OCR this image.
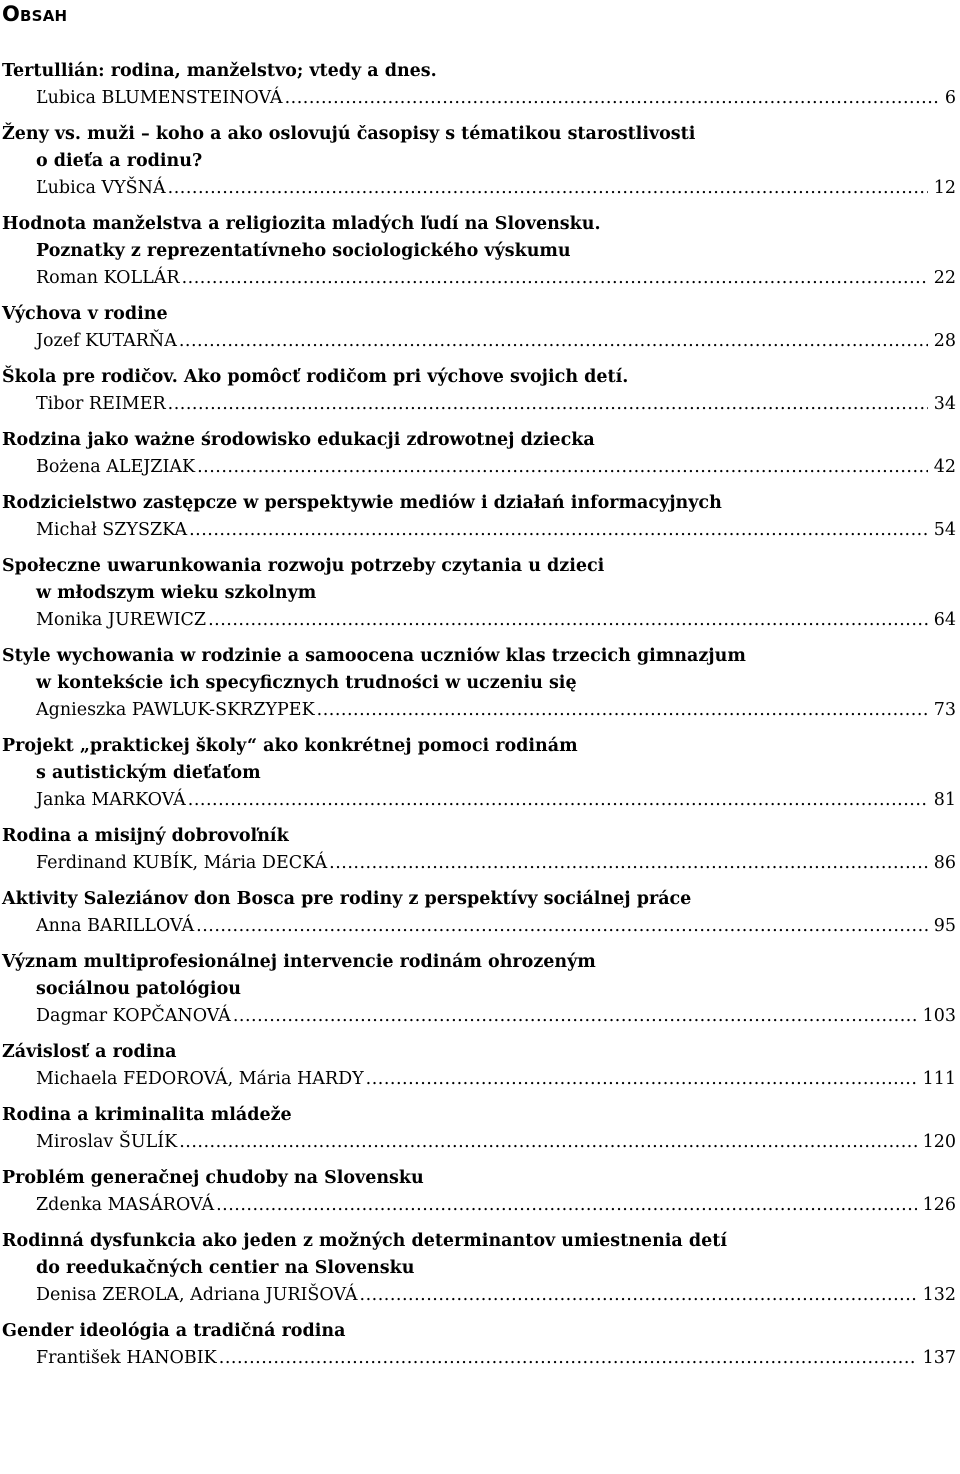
Obsah
Tertullián: rodina, manželstvo; vtedy a dnes.
Ľubica BLUMENSTEINOVÁ .....	6
Ženy vs. muži – koho a ako oslovujú časopisy s tématikou starostlivosti
o dieťa a rodinu?
Ľubica VYŠNÁ .....	12
Hodnota manželstva a religiozita mladých ľudí na Slovensku.
Poznatky z reprezentatívneho sociologického výskumu
Roman KOLLÁR .....	22
Výchova v rodine
Jozef KUTARŇA .....	28
Škola pre rodičov. Ako pomôcť rodičom pri výchove svojich detí.
Tibor REIMER .....	34
Rodzina jako ważne środowisko edukacji zdrowotnej dziecka
Bożena ALEJZIAK .....	42
Rodzicielstwo zastępcze w perspektywie mediów i działań informacyjnych
Michał SZYSZKA .....	54
Społeczne uwarunkowania rozwoju potrzeby czytania u dzieci
w młodszym wieku szkolnym
Monika JUREWICZ .....	64
Style wychowania w rodzinie a samoocena uczniów klas trzecich gimnazjum
w kontekście ich specyficznych trudności w uczeniu się
Agnieszka PAWLUK-SKRZYPEK .....	73
Projekt „praktickej školy“ ako konkrétnej pomoci rodinám
s autistickým dieťaťom
Janka MARKOVÁ .....	81
Rodina a misijný dobrovoľník
Ferdinand KUBÍK, Mária DECKÁ .....	86
Aktivity Saleziánov don Bosca pre rodiny z perspektívy sociálnej práce
Anna BARILLOVÁ .....	95
Význam multiprofesionálnej intervencie rodinám ohrozeným
sociálnou patológiou
Dagmar KOPČANOVÁ .....	103
Závislosť a rodina
Michaela FEDOROVÁ, Mária HARDY .....	111
Rodina a kriminalita mládeže
Miroslav ŠULÍK .....	120
Problém generačnej chudoby na Slovensku
Zdenka MASÁROVÁ .....	126
Rodinná dysfunkcia ako jeden z možných determinantov umiestnenia detí
do reedukačných centier na Slovensku
Denisa ZEROLA, Adriana JURIŠOVÁ .....	132
Gender ideológia a tradičná rodina
František HANOBIK .....	137
